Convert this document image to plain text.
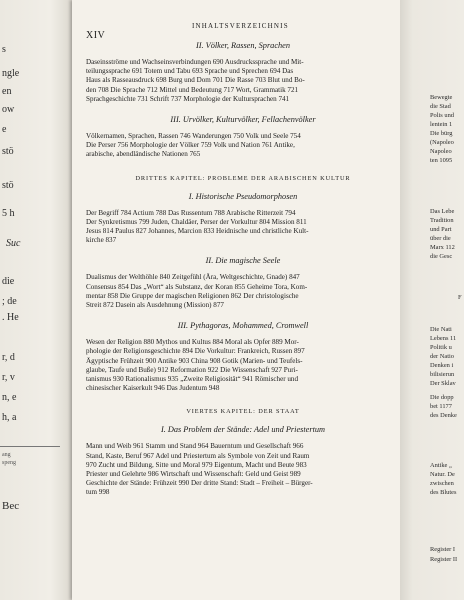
s
ngle
en
ow
e
stö
stö
5 h
Suc
die
; de
. He
r, d
r, v
n, e
h, a
ang
speng
Bec
XIV
INHALTSVERZEICHNIS
II. Völker, Rassen, Sprachen
Daseinsströme und Wachseinsverbindungen 690 Ausdruckssprache und Mit-
teilungssprache 691 Totem und Tabu 693 Sprache und Sprechen 694 Das
Haus als Rasseausdruck 698 Burg und Dom 701 Die Rasse 703 Blut und Bo-
den 708 Die Sprache 712 Mittel und Bedeutung 717 Wort, Grammatik 721
Sprachgeschichte 731 Schrift 737 Morphologie der Kultursprachen 741
III. Urvölker, Kulturvölker, Fellachenvölker
Völkernamen, Sprachen, Rassen 746 Wanderungen 750 Volk und Seele 754
Die Perser 756 Morphologie der Völker 759 Volk und Nation 761 Antike,
arabische, abendländische Nationen 765
DRITTES KAPITEL: PROBLEME DER ARABISCHEN KULTUR
I. Historische Pseudomorphosen
Der Begriff 784 Actium 788 Das Russentum 788 Arabische Ritterzeit 794
Der Synkretismus 799 Juden, Chaldäer, Perser der Vorkultur 804 Mission 811
Jesus 814 Paulus 827 Johannes, Marcion 833 Heidnische und christliche Kult-
kirche 837
II. Die magische Seele
Dualismus der Welthöhle 840 Zeitgefühl (Ära, Weltgeschichte, Gnade) 847
Consensus 854 Das „Wort“ als Substanz, der Koran 855 Geheime Tora, Kom-
mentar 858 Die Gruppe der magischen Religionen 862 Der christologische
Streit 872 Dasein als Ausdehnung (Mission) 877
III. Pythagoras, Mohammed, Cromwell
Wesen der Religion 880 Mythos und Kultus 884 Moral als Opfer 889 Mor-
phologie der Religionsgeschichte 894 Die Vorkultur: Frankreich, Russen 897
Ägyptische Frühzeit 900 Antike 903 China 908 Gotik (Marien- und Teufels-
glaube, Taufe und Buße) 912 Reformation 922 Die Wissenschaft 927 Puri-
tanismus 930 Rationalismus 935 „Zweite Religiosität“ 941 Römischer und
chinesischer Kaiserkult 946 Das Judentum 948
VIERTES KAPITEL: DER STAAT
I. Das Problem der Stände: Adel und Priestertum
Mann und Weib 961 Stamm und Stand 964 Bauerntum und Gesellschaft 966
Stand, Kaste, Beruf 967 Adel und Priestertum als Symbole von Zeit und Raum
970 Zucht und Bildung, Sitte und Moral 979 Eigentum, Macht und Beute 983
Priester und Gelehrte 986 Wirtschaft und Wissenschaft: Geld und Geist 989
Geschichte der Stände: Frühzeit 990 Der dritte Stand: Stadt – Freiheit – Bürger-
tum 998
Bewegte
die Stad
Polis und
lentein 1
Die bürg
(Napoleo
Napoleo
ten 1095
Das Lebe
Tradition
und Part
über die
Marx 112
die Gesc
F
Die Nati
Lebens 11
Politik u
der Natio
Denken i
bilisierun
Der Sklav
Die dopp
bet 1177
des Denke
Antike „
Natur. De
zwischen
des Blutes
Register I
Register II
